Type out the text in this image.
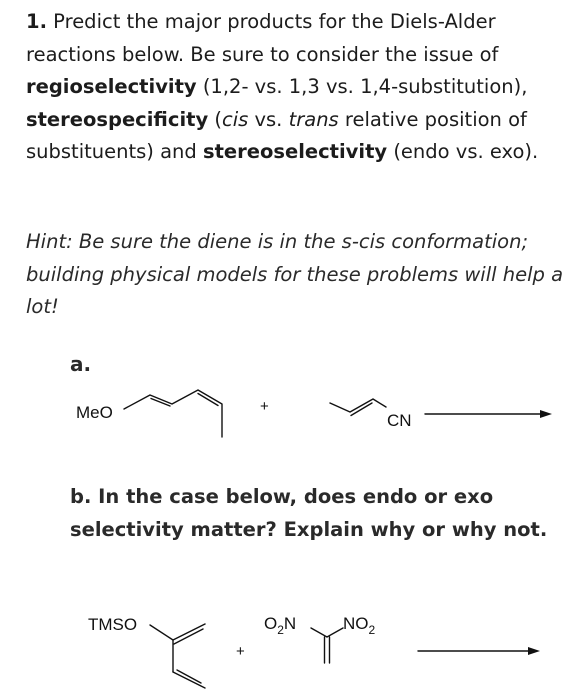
1. Predict the major products for the Diels-Alder reactions below. Be sure to consider the issue of regioselectivity (1,2- vs. 1,3 vs. 1,4-substitution), stereospecificity (cis vs. trans relative position of substituents) and stereoselectivity (endo vs. exo).
Hint: Be sure the diene is in the s-cis conformation; building physical models for these problems will help a lot!
a.
b. In the case below, does endo or exo selectivity matter? Explain why or why not.
MeO	+
CN
TMSO
+
$O_2N$	$NO_2$
